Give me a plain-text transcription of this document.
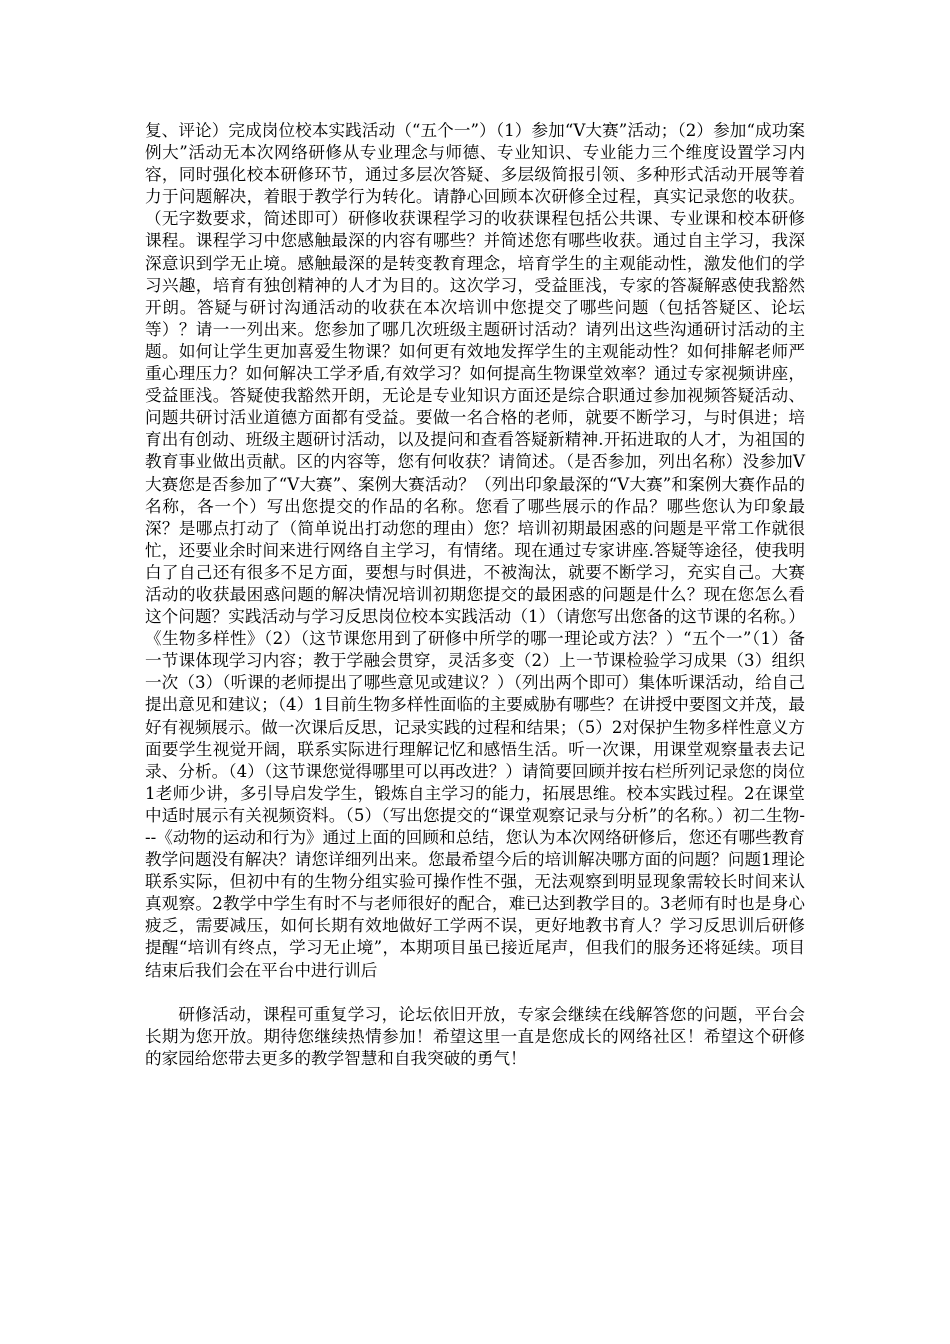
复、评论）完成岗位校本实践活动（“五个一”）（1）参加“V大赛”活动；（2）参加“成功案例大”活动无本次网络研修从专业理念与师德、专业知识、专业能力三个维度设置学习内容，同时强化校本研修环节，通过多层次答疑、多层级简报引领、多种形式活动开展等着力于问题解决，着眼于教学行为转化。请静心回顾本次研修全过程，真实记录您的收获。（无字数要求，简述即可）研修收获课程学习的收获课程包括公共课、专业课和校本研修课程。课程学习中您感触最深的内容有哪些？并简述您有哪些收获。通过自主学习，我深深意识到学无止境。感触最深的是转变教育理念，培育学生的主观能动性，激发他们的学习兴趣，培育有独创精神的人才为目的。这次学习，受益匪浅，专家的答凝解惑使我豁然开朗。答疑与研讨沟通活动的收获在本次培训中您提交了哪些问题（包括答疑区、论坛等）？请一一列出来。您参加了哪几次班级主题研讨活动？请列出这些沟通研讨活动的主题。如何让学生更加喜爱生物课？如何更有效地发挥学生的主观能动性？如何排解老师严重心理压力？如何解决工学矛盾,有效学习？如何提高生物课堂效率？通过专家视频讲座，受益匪浅。答疑使我豁然开朗，无论是专业知识方面还是综合职通过参加视频答疑活动、问题共研讨活业道德方面都有受益。要做一名合格的老师，就要不断学习，与时俱进；培育出有创动、班级主题研讨活动，以及提问和查看答疑新精神.开拓进取的人才，为祖国的教育事业做出贡献。区的内容等，您有何收获？请简述。（是否参加，列出名称）没参加V大赛您是否参加了“V大赛”、案例大赛活动？（列出印象最深的“V大赛”和案例大赛作品的名称，各一个）写出您提交的作品的名称。您看了哪些展示的作品？哪些您认为印象最深？是哪点打动了（简单说出打动您的理由）您？培训初期最困惑的问题是平常工作就很忙，还要业余时间来进行网络自主学习，有情绪。现在通过专家讲座.答疑等途径，使我明白了自己还有很多不足方面，要想与时俱进，不被淘汰，就要不断学习，充实自己。大赛活动的收获最困惑问题的解决情况培训初期您提交的最困惑的问题是什么？现在您怎么看这个问题？实践活动与学习反思岗位校本实践活动（1）（请您写出您备的这节课的名称。）《生物多样性》（2）（这节课您用到了研修中所学的哪一理论或方法？）“五个一”（1）备一节课体现学习内容；教于学融会贯穿，灵活多变（2）上一节课检验学习成果（3）组织一次（3）（听课的老师提出了哪些意见或建议？）（列出两个即可）集体听课活动，给自己提出意见和建议；（4）1目前生物多样性面临的主要威胁有哪些？在讲授中要图文并茂，最好有视频展示。做一次课后反思，记录实践的过程和结果；（5）2对保护生物多样性意义方面要学生视觉开阔，联系实际进行理解记忆和感悟生活。听一次课，用课堂观察量表去记录、分析。（4）（这节课您觉得哪里可以再改进？）请简要回顾并按右栏所列记录您的岗位1老师少讲，多引导启发学生，锻炼自主学习的能力，拓展思维。校本实践过程。2在课堂中适时展示有关视频资料。（5）（写出您提交的“课堂观察记录与分析”的名称。）初二生物---《动物的运动和行为》通过上面的回顾和总结，您认为本次网络研修后，您还有哪些教育教学问题没有解决？请您详细列出来。您最希望今后的培训解决哪方面的问题？问题1理论联系实际，但初中有的生物分组实验可操作性不强，无法观察到明显现象需较长时间来认真观察。2教学中学生有时不与老师很好的配合，难已达到教学目的。3老师有时也是身心疲乏，需要减压，如何长期有效地做好工学两不误，更好地教书育人？学习反思训后研修提醒“培训有终点，学习无止境”，本期项目虽已接近尾声，但我们的服务还将延续。项目结束后我们会在平台中进行训后

研修活动，课程可重复学习，论坛依旧开放，专家会继续在线解答您的问题，平台会长期为您开放。期待您继续热情参加！希望这里一直是您成长的网络社区！希望这个研修的家园给您带去更多的教学智慧和自我突破的勇气！
